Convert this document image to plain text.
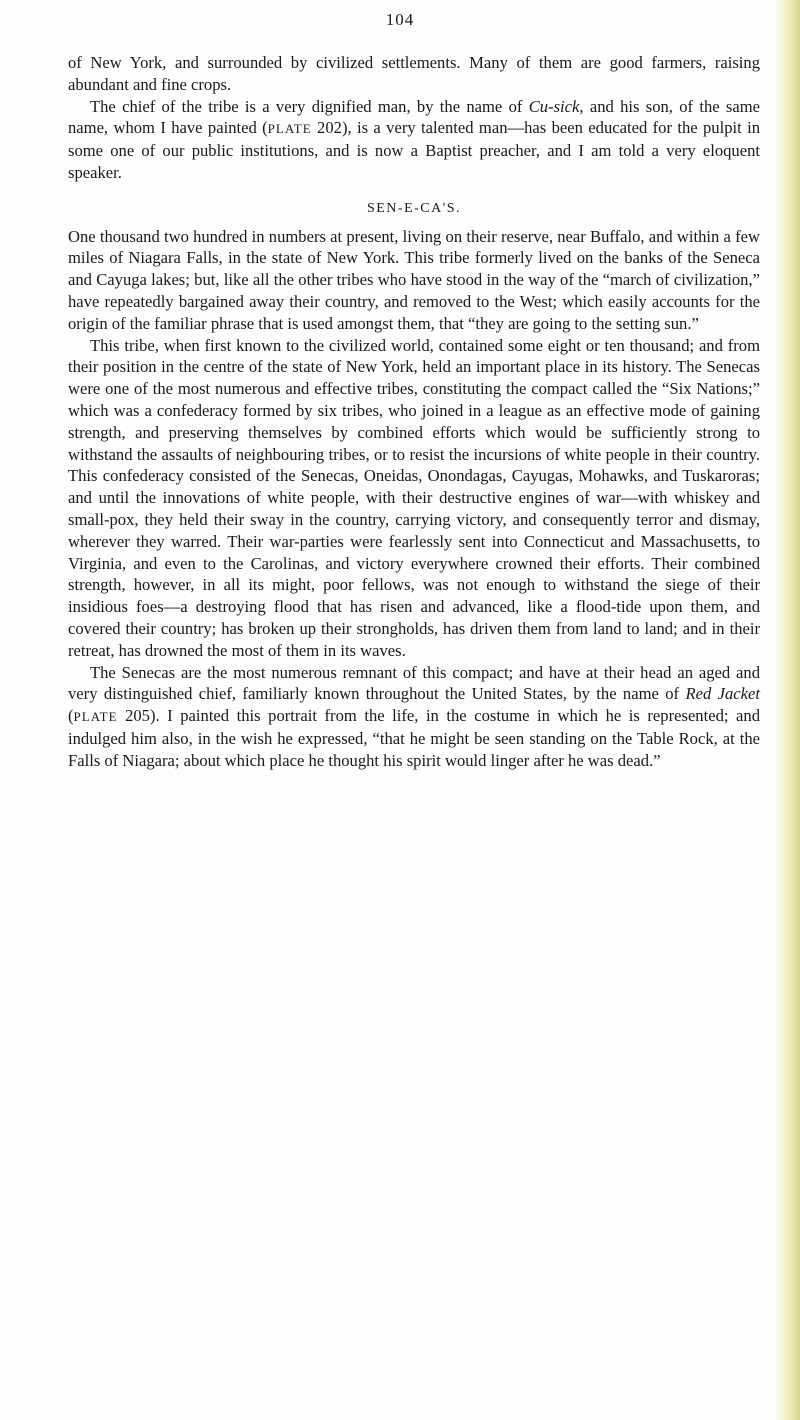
104

of New York, and surrounded by civilized settlements. Many of them are good farmers, raising abundant and fine crops.

The chief of the tribe is a very dignified man, by the name of Cu-sick, and his son, of the same name, whom I have painted (PLATE 202), is a very talented man—has been educated for the pulpit in some one of our public institutions, and is now a Baptist preacher, and I am told a very eloquent speaker.

SEN-E-CA'S.

One thousand two hundred in numbers at present, living on their reserve, near Buffalo, and within a few miles of Niagara Falls, in the state of New York. This tribe formerly lived on the banks of the Seneca and Cayuga lakes; but, like all the other tribes who have stood in the way of the “march of civilization,” have repeatedly bargained away their country, and removed to the West; which easily accounts for the origin of the familiar phrase that is used amongst them, that “they are going to the setting sun.”

This tribe, when first known to the civilized world, contained some eight or ten thousand; and from their position in the centre of the state of New York, held an important place in its history. The Senecas were one of the most numerous and effective tribes, constituting the compact called the “Six Nations;” which was a confederacy formed by six tribes, who joined in a league as an effective mode of gaining strength, and preserving themselves by combined efforts which would be sufficiently strong to withstand the assaults of neighbouring tribes, or to resist the incursions of white people in their country. This confederacy consisted of the Senecas, Oneidas, Onondagas, Cayugas, Mohawks, and Tuskaroras; and until the innovations of white people, with their destructive engines of war—with whiskey and small-pox, they held their sway in the country, carrying victory, and consequently terror and dismay, wherever they warred. Their war-parties were fearlessly sent into Connecticut and Massachusetts, to Virginia, and even to the Carolinas, and victory everywhere crowned their efforts. Their combined strength, however, in all its might, poor fellows, was not enough to withstand the siege of their insidious foes—a destroying flood that has risen and advanced, like a flood-tide upon them, and covered their country; has broken up their strongholds, has driven them from land to land; and in their retreat, has drowned the most of them in its waves.

The Senecas are the most numerous remnant of this compact; and have at their head an aged and very distinguished chief, familiarly known throughout the United States, by the name of Red Jacket (PLATE 205). I painted this portrait from the life, in the costume in which he is represented; and indulged him also, in the wish he expressed, “that he might be seen standing on the Table Rock, at the Falls of Niagara; about which place he thought his spirit would linger after he was dead.”
